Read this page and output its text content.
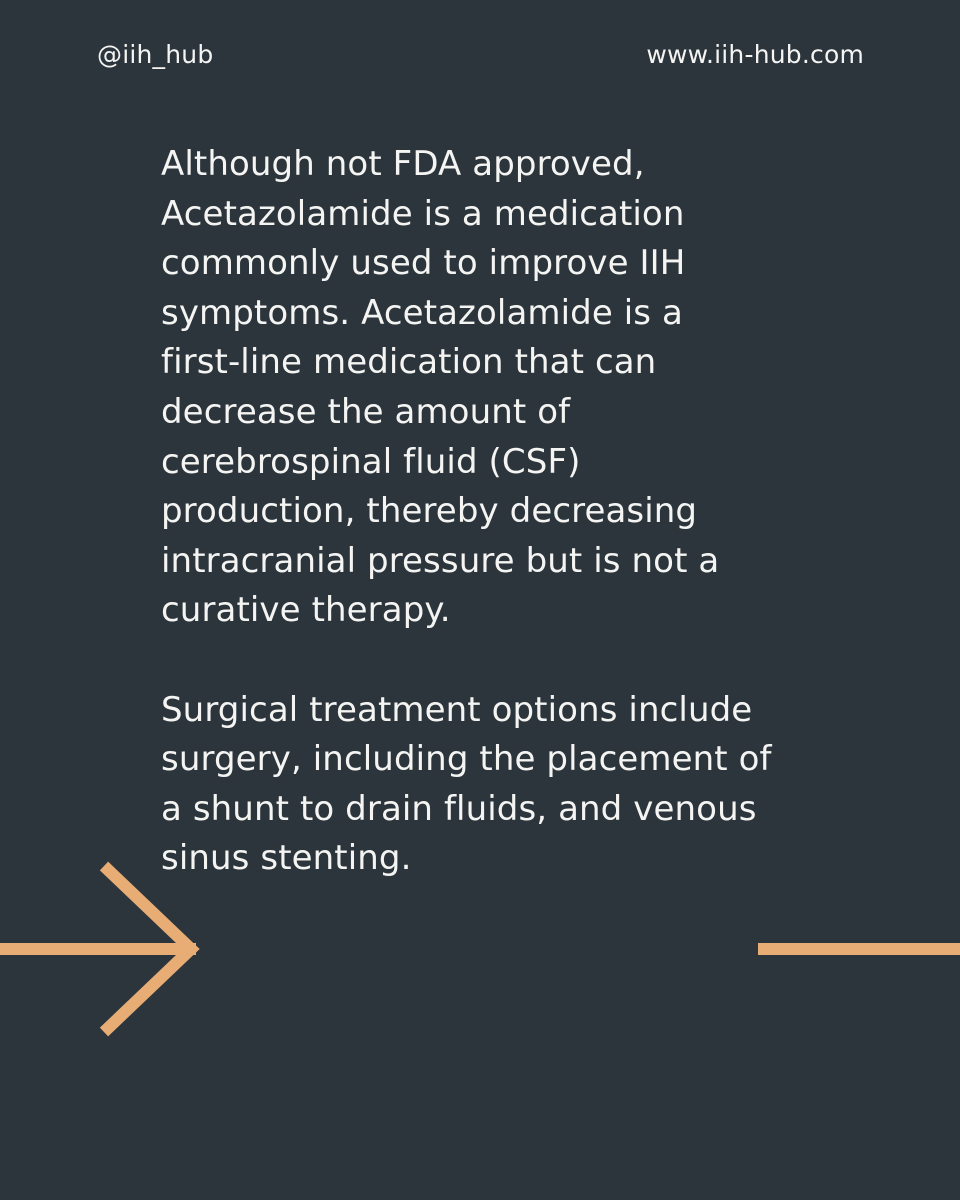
@iih_hub	www.iih-hub.com

Although not FDA approved,
Acetazolamide is a medication
commonly used to improve IIH
symptoms. Acetazolamide is a
first-line medication that can
decrease the amount of
cerebrospinal fluid (CSF)
production, thereby decreasing
intracranial pressure but is not a
curative therapy.

Surgical treatment options include
surgery, including the placement of
a shunt to drain fluids, and venous
sinus stenting.
